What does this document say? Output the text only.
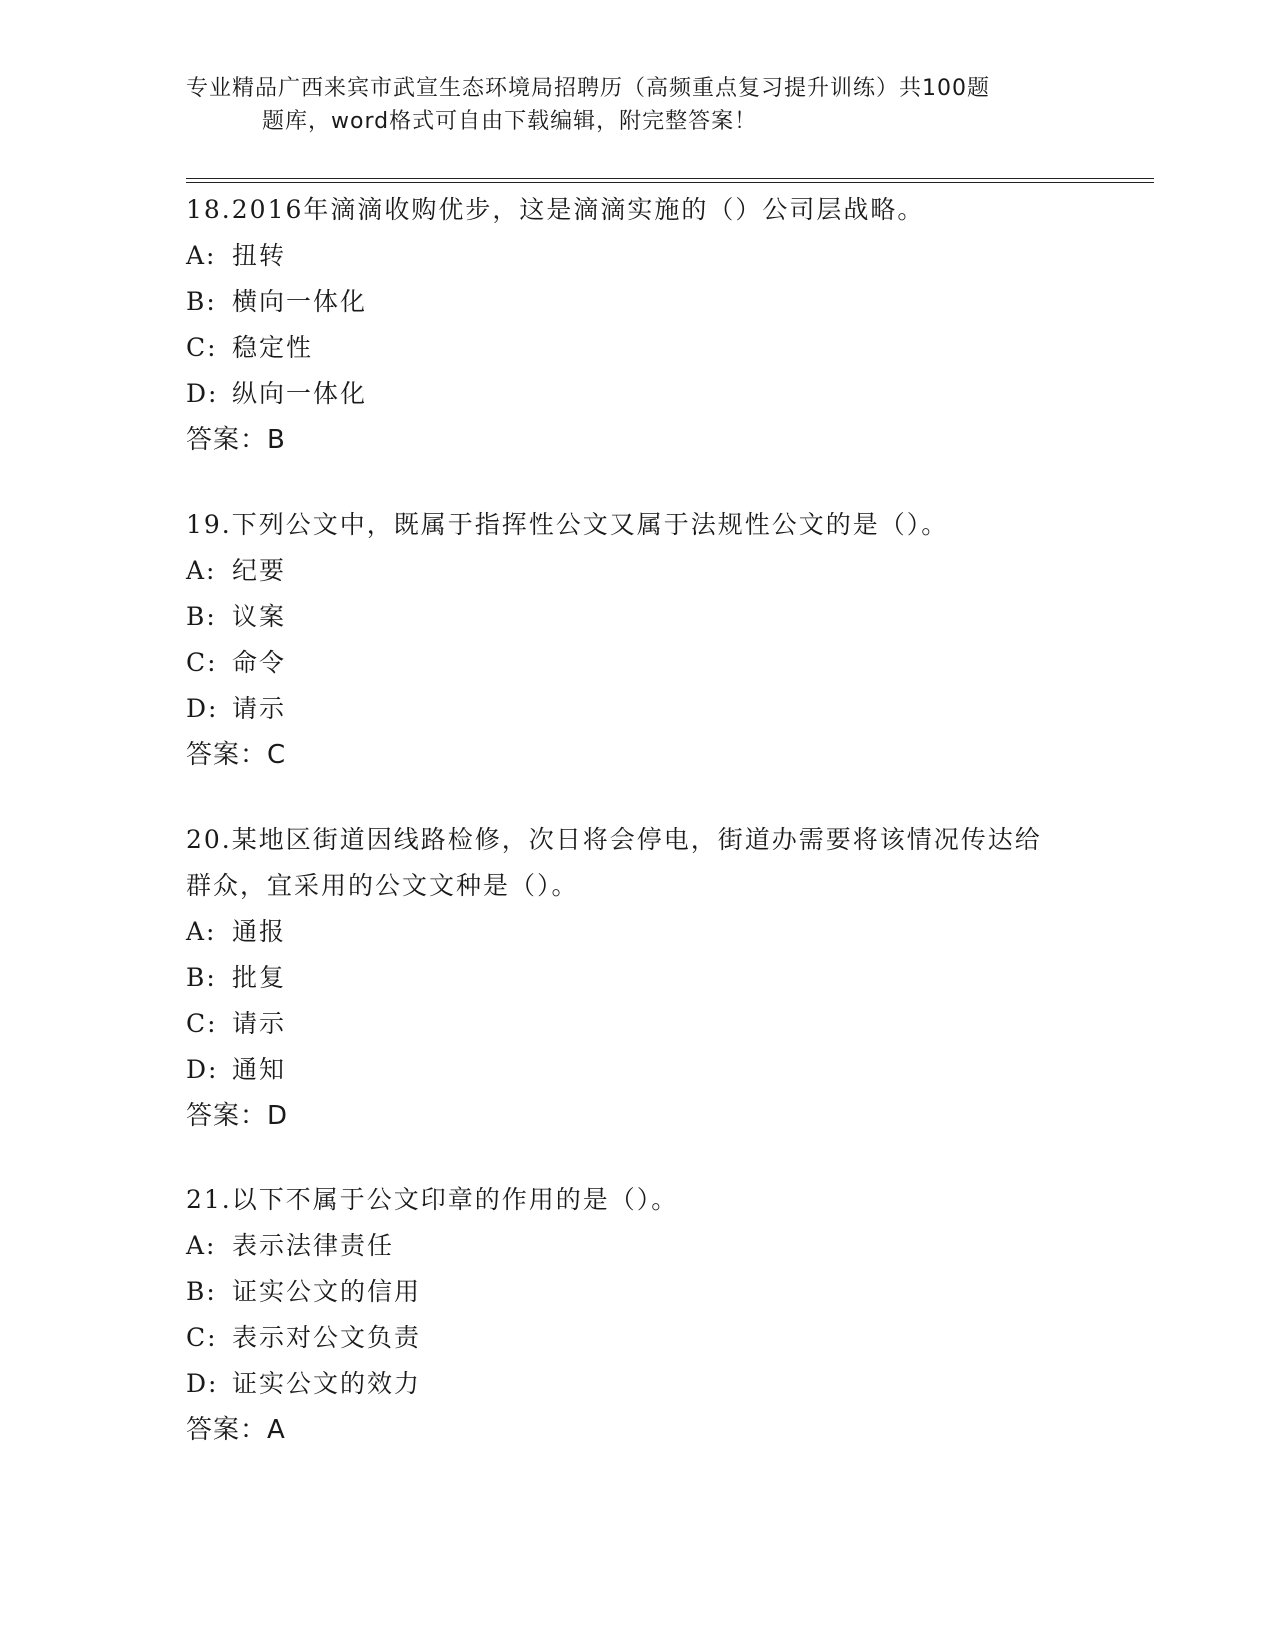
专业精品广西来宾市武宣生态环境局招聘历（高频重点复习提升训练）共100题
题库，word格式可自由下载编辑，附完整答案！
18.2016年滴滴收购优步，这是滴滴实施的（）公司层战略。
A: 扭转
B: 横向一体化
C: 稳定性
D: 纵向一体化
答案：B
19.下列公文中，既属于指挥性公文又属于法规性公文的是（）。
A: 纪要
B: 议案
C: 命令
D: 请示
答案：C
20.某地区街道因线路检修，次日将会停电，街道办需要将该情况传达给群众，宜采用的公文文种是（）。
A: 通报
B: 批复
C: 请示
D: 通知
答案：D
21.以下不属于公文印章的作用的是（）。
A: 表示法律责任
B: 证实公文的信用
C: 表示对公文负责
D: 证实公文的效力
答案：A
